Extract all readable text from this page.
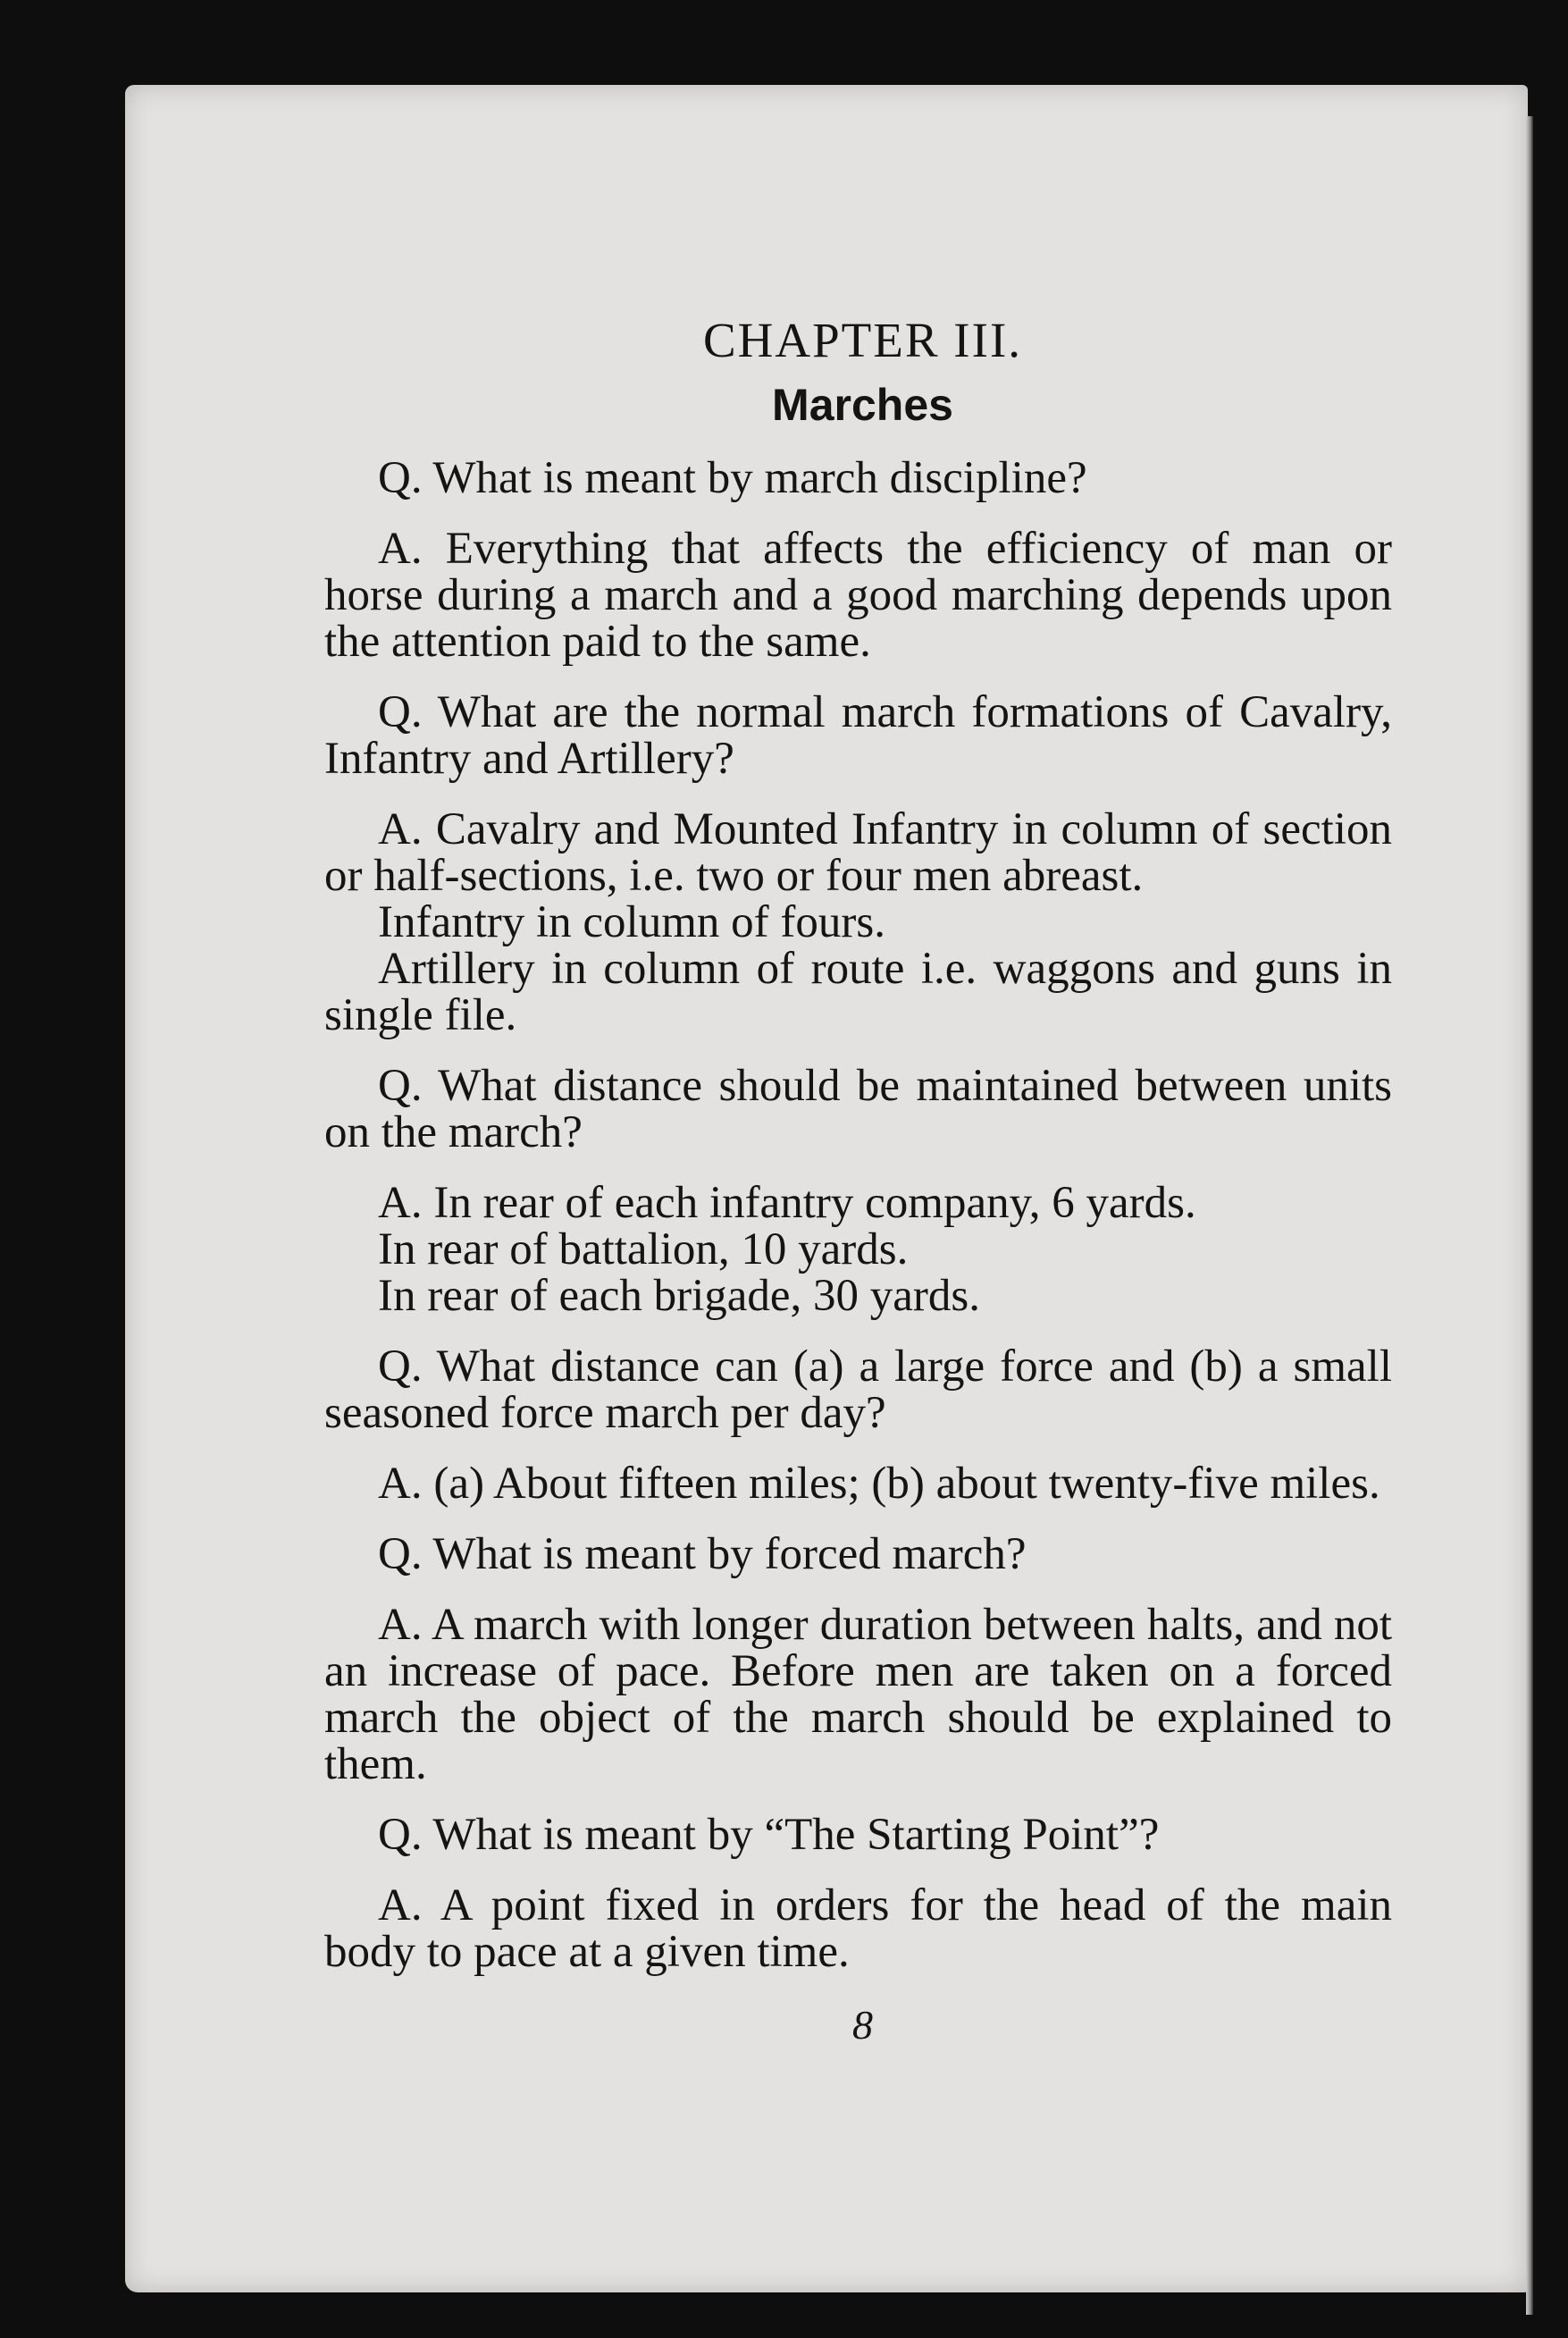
CHAPTER III.
Marches

Q. What is meant by march discipline?

A. Everything that affects the efficiency of man or horse during a march and a good marching depends upon the attention paid to the same.

Q. What are the normal march formations of Cavalry, Infantry and Artillery?

A. Cavalry and Mounted Infantry in column of section or half-sections, i.e. two or four men abreast.

Infantry in column of fours.

Artillery in column of route i.e. waggons and guns in single file.

Q. What distance should be maintained between units on the march?

A. In rear of each infantry company, 6 yards.

In rear of battalion, 10 yards.

In rear of each brigade, 30 yards.

Q. What distance can (a) a large force and (b) a small seasoned force march per day?

A. (a) About fifteen miles; (b) about twenty-five miles.

Q. What is meant by forced march?

A. A march with longer duration between halts, and not an increase of pace. Before men are taken on a forced march the object of the march should be explained to them.

Q. What is meant by “The Starting Point”?

A. A point fixed in orders for the head of the main body to pace at a given time.

8
